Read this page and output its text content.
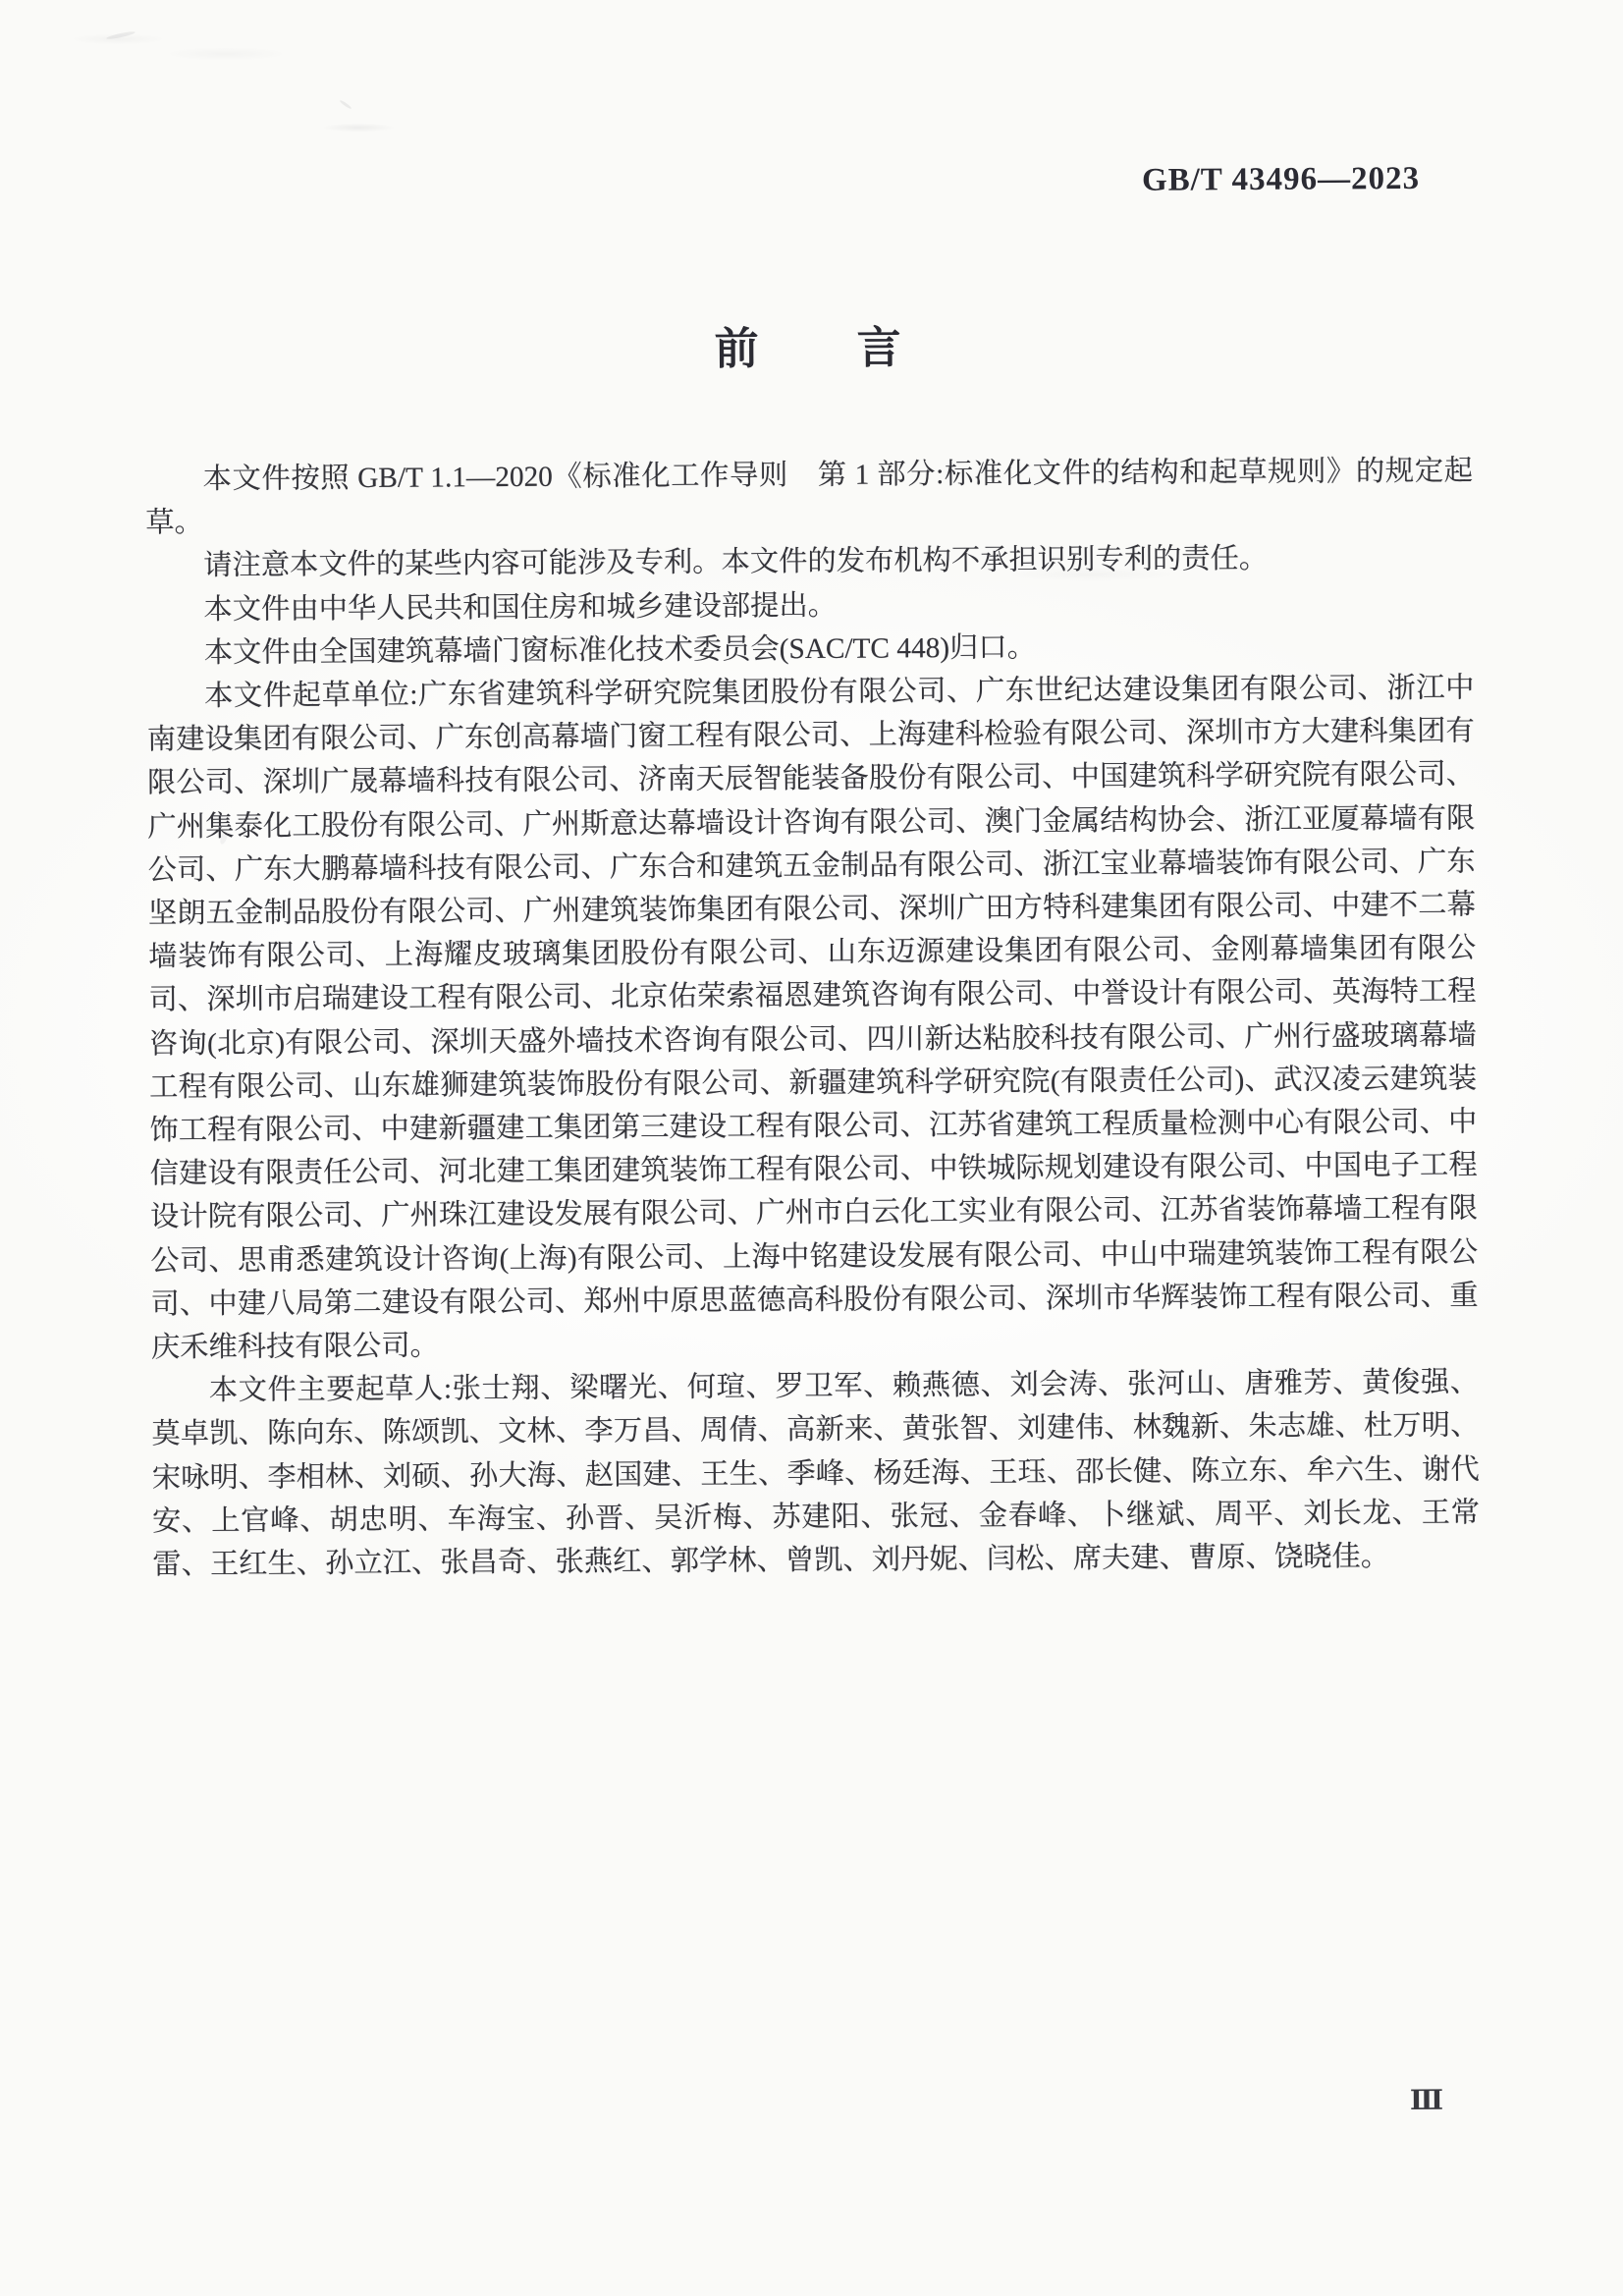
GB/T 43496—2023
前 言

本文件按照 GB/T 1.1—2020《标准化工作导则　第 1 部分:标准化文件的结构和起草规则》的规定起草。

请注意本文件的某些内容可能涉及专利。本文件的发布机构不承担识别专利的责任。

本文件由中华人民共和国住房和城乡建设部提出。

本文件由全国建筑幕墙门窗标准化技术委员会(SAC/TC 448)归口。

本文件起草单位:广东省建筑科学研究院集团股份有限公司、广东世纪达建设集团有限公司、浙江中南建设集团有限公司、广东创高幕墙门窗工程有限公司、上海建科检验有限公司、深圳市方大建科集团有限公司、深圳广晟幕墙科技有限公司、济南天辰智能装备股份有限公司、中国建筑科学研究院有限公司、广州集泰化工股份有限公司、广州斯意达幕墙设计咨询有限公司、澳门金属结构协会、浙江亚厦幕墙有限公司、广东大鹏幕墙科技有限公司、广东合和建筑五金制品有限公司、浙江宝业幕墙装饰有限公司、广东坚朗五金制品股份有限公司、广州建筑装饰集团有限公司、深圳广田方特科建集团有限公司、中建不二幕墙装饰有限公司、上海耀皮玻璃集团股份有限公司、山东迈源建设集团有限公司、金刚幕墙集团有限公司、深圳市启瑞建设工程有限公司、北京佑荣索福恩建筑咨询有限公司、中誉设计有限公司、英海特工程咨询(北京)有限公司、深圳天盛外墙技术咨询有限公司、四川新达粘胶科技有限公司、广州行盛玻璃幕墙工程有限公司、山东雄狮建筑装饰股份有限公司、新疆建筑科学研究院(有限责任公司)、武汉凌云建筑装饰工程有限公司、中建新疆建工集团第三建设工程有限公司、江苏省建筑工程质量检测中心有限公司、中信建设有限责任公司、河北建工集团建筑装饰工程有限公司、中铁城际规划建设有限公司、中国电子工程设计院有限公司、广州珠江建设发展有限公司、广州市白云化工实业有限公司、江苏省装饰幕墙工程有限公司、思甫悉建筑设计咨询(上海)有限公司、上海中铭建设发展有限公司、中山中瑞建筑装饰工程有限公司、中建八局第二建设有限公司、郑州中原思蓝德高科股份有限公司、深圳市华辉装饰工程有限公司、重庆禾维科技有限公司。

本文件主要起草人:张士翔、梁曙光、何瑄、罗卫军、赖燕德、刘会涛、张河山、唐雅芳、黄俊强、莫卓凯、陈向东、陈颂凯、文林、李万昌、周倩、高新来、黄张智、刘建伟、林魏新、朱志雄、杜万明、宋咏明、李相林、刘硕、孙大海、赵国建、王生、季峰、杨廷海、王珏、邵长健、陈立东、牟六生、谢代安、上官峰、胡忠明、车海宝、孙晋、吴沂梅、苏建阳、张冠、金春峰、卜继斌、周平、刘长龙、王常雷、王红生、孙立江、张昌奇、张燕红、郭学林、曾凯、刘丹妮、闫松、席夫建、曹原、饶晓佳。

Ⅲ
